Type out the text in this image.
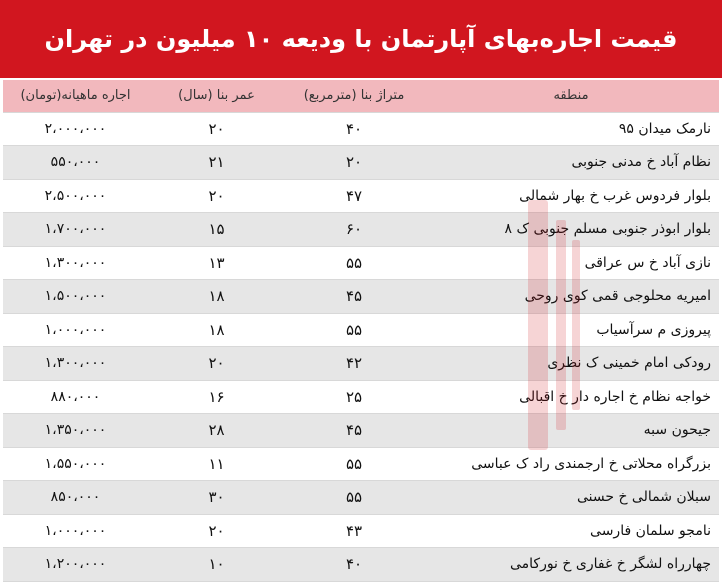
قیمت اجاره‌بهای آپارتمان با ودیعه ۱۰ میلیون در تهران
منطقه	متراژ بنا (مترمربع)	عمر بنا (سال)	اجاره ماهیانه(تومان)
نارمک میدان ۹۵	۴۰	۲۰	۲،۰۰۰،۰۰۰
نظام آباد خ مدنی جنوبی	۲۰	۲۱	۵۵۰،۰۰۰
بلوار فردوس غرب خ بهار شمالی	۴۷	۲۰	۲،۵۰۰،۰۰۰
بلوار ابوذر جنوبی مسلم جنوبی ک ۸	۶۰	۱۵	۱،۷۰۰،۰۰۰
نازی آباد خ س عراقی	۵۵	۱۳	۱،۳۰۰،۰۰۰
امیریه محلوجی قمی کوی روحی	۴۵	۱۸	۱،۵۰۰،۰۰۰
پیروزی م سرآسیاب	۵۵	۱۸	۱،۰۰۰،۰۰۰
رودکی امام خمینی ک نظری	۴۲	۲۰	۱،۳۰۰،۰۰۰
خواجه نظام خ اجاره دار خ اقبالی	۲۵	۱۶	۸۸۰،۰۰۰
جیحون سبه	۴۵	۲۸	۱،۳۵۰،۰۰۰
بزرگراه محلاتی خ ارجمندی راد ک عباسی	۵۵	۱۱	۱،۵۵۰،۰۰۰
سبلان شمالی خ حسنی	۵۵	۳۰	۸۵۰،۰۰۰
نامجو سلمان فارسی	۴۳	۲۰	۱،۰۰۰،۰۰۰
چهارراه لشگر خ غفاری خ نورکامی	۴۰	۱۰	۱،۲۰۰،۰۰۰
